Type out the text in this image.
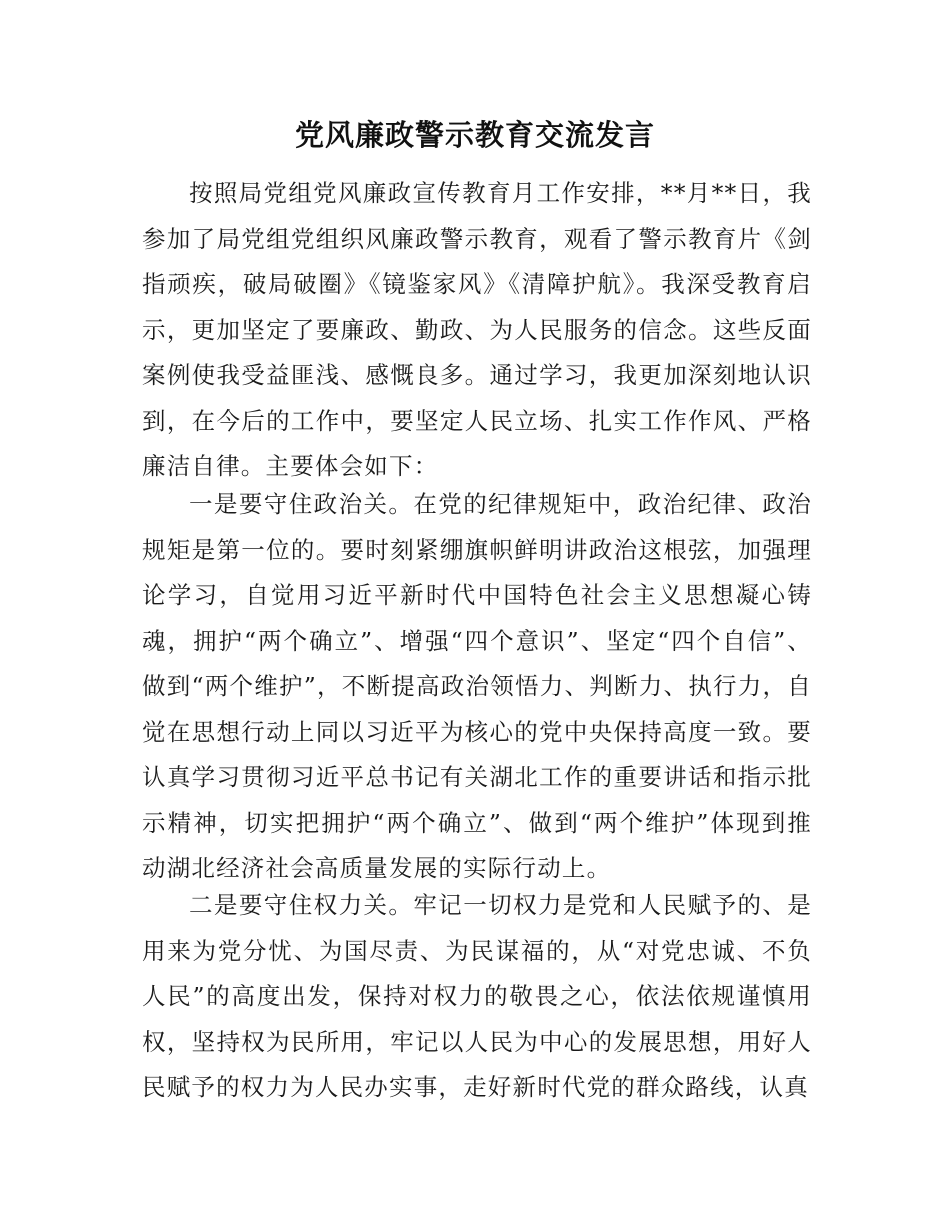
党风廉政警示教育交流发言

按照局党组党风廉政宣传教育月工作安排，**月**日，我参加了局党组党组织风廉政警示教育，观看了警示教育片《剑指顽疾，破局破圈》《镜鉴家风》《清障护航》。我深受教育启示，更加坚定了要廉政、勤政、为人民服务的信念。这些反面案例使我受益匪浅、感慨良多。通过学习，我更加深刻地认识到，在今后的工作中，要坚定人民立场、扎实工作作风、严格廉洁自律。主要体会如下：

一是要守住政治关。在党的纪律规矩中，政治纪律、政治规矩是第一位的。要时刻紧绷旗帜鲜明讲政治这根弦，加强理论学习，自觉用习近平新时代中国特色社会主义思想凝心铸魂，拥护“两个确立”、增强“四个意识”、坚定“四个自信”、做到“两个维护”，不断提高政治领悟力、判断力、执行力，自觉在思想行动上同以习近平为核心的党中央保持高度一致。要认真学习贯彻习近平总书记有关湖北工作的重要讲话和指示批示精神，切实把拥护“两个确立”、做到“两个维护”体现到推动湖北经济社会高质量发展的实际行动上。

二是要守住权力关。牢记一切权力是党和人民赋予的、是用来为党分忧、为国尽责、为民谋福的，从“对党忠诚、不负人民”的高度出发，保持对权力的敬畏之心，依法依规谨慎用权，坚持权为民所用，牢记以人民为中心的发展思想，用好人民赋予的权力为人民办实事，走好新时代党的群众路线，认真
